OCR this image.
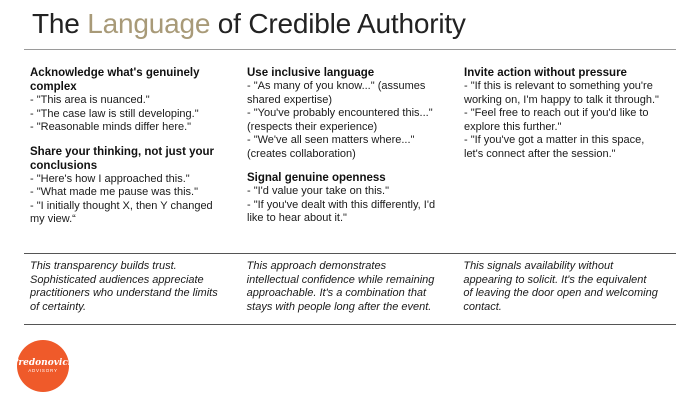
The Language of Credible Authority
Acknowledge what's genuinely
complex
- "This area is nuanced."
- "The case law is still developing."
- "Reasonable minds differ here."
Share your thinking, not just your
conclusions
- "Here's how I approached this."
- "What made me pause was this."
- "I initially thought X, then Y changed
my view.“
Use inclusive language
- "As many of you know..." (assumes
shared expertise)
- "You've probably encountered this..."
(respects their experience)
- "We've all seen matters where..."
(creates collaboration)
Signal genuine openness
- "I'd value your take on this."
- "If you've dealt with this differently, I'd
like to hear about it."
Invite action without pressure
- "If this is relevant to something you're
working on, I'm happy to talk it through."
- "Feel free to reach out if you'd like to
explore this further."
- "If you've got a matter in this space,
let's connect after the session."
This transparency builds trust.
Sophisticated audiences appreciate
practitioners who understand the limits
of certainty.
This approach demonstrates
intellectual confidence while remaining
approachable. It's a combination that
stays with people long after the event.
This signals availability without
appearing to solicit. It's the equivalent
of leaving the door open and welcoming
contact.
Predonovich
ADVISORY
